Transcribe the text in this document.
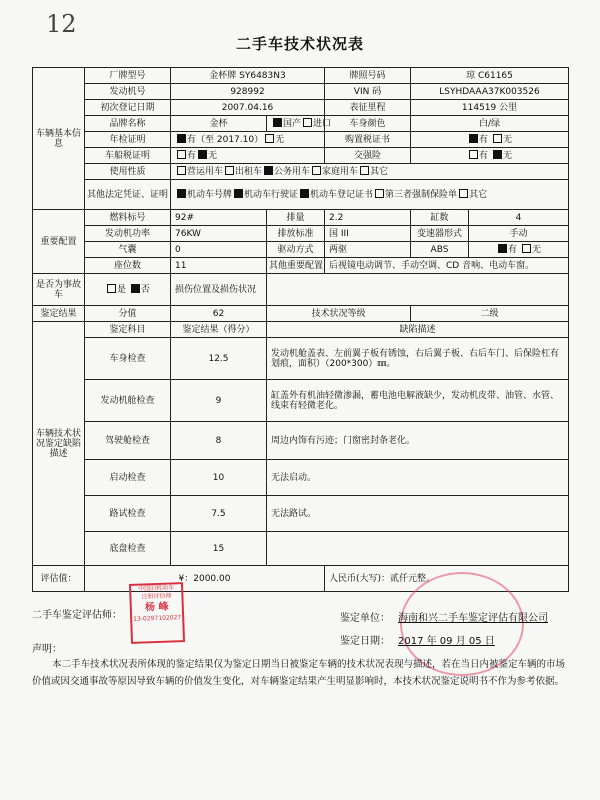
12
二手车技术状况表
车辆基本信息	厂牌型号	金杯牌 SY6483N3		牌照号码	琼 C61165	
	发动机号	928992		VIN 码	LSYHDAAA37K003526	
	初次登记日期	2007.04.16		表征里程	114519 公里	
	品牌名称	金杯	国产 进口	车身颜色	白/绿	
	年检证明	有（至 2017.10） 无		购置税证书	有 无	
	车船税证明	有 无		交强险	有 无	
	使用性质	营运用车 出租车 公务用车 家庭用车 其它				
	其他法定凭证、证明	机动车号牌 机动车行驶证 机动车登记证书 第三者强制保险单 其它				
重要配置	燃料标号	92#	排量	2.2	缸数	4
	发动机功率	76KW	排放标准	国 III	变速器形式	手动
	气囊	0	驱动方式	两驱	ABS	有 无
	座位数	11	其他重要配置	后视镜电动调节、手动空调、CD 音响、电动车窗。		
是否为事故车	是 否	损伤位置及损伤状况				
鉴定结果	分值	62	技术状况等级		二级	
车辆技术状况鉴定缺陷描述	鉴定科目	鉴定结果（得分）	缺陷描述			
	车身检查	12.5	发动机舱盖表、左前翼子板有锈蚀，右后翼子板、右后车门、后保险杠有划痕，面积）（200*300）㎜。			
	发动机舱检查	9	缸盖外有机油轻微渗漏，蓄电池电解液缺少，发动机皮带、油管、水管、线束有轻微老化。			
	驾驶舱检查	8	周边内饰有污迹；门窗密封条老化。			
	启动检查	10	无法启动。			
	路试检查	7.5	无法路试。			
	底盘检查	15				
评估值：	¥：2000.00			人民币(大写)：贰仟元整。		
二手车鉴定评估师：
中国旧机动车
注册评估师
杨 峰
13-0297102027	鉴定单位： 海南和兴二手车鉴定评估有限公司
鉴定日期： 2017 年 09 月 05 日
声明：
本二手车技术状况表所体现的鉴定结果仅为鉴定日期当日被鉴定车辆的技术状况表现与描述，若在当日内被鉴定车辆的市场价值或因交通事故等原因导致车辆的价值发生变化，对车辆鉴定结果产生明显影响时，本技术状况鉴定说明书不作为参考依据。
